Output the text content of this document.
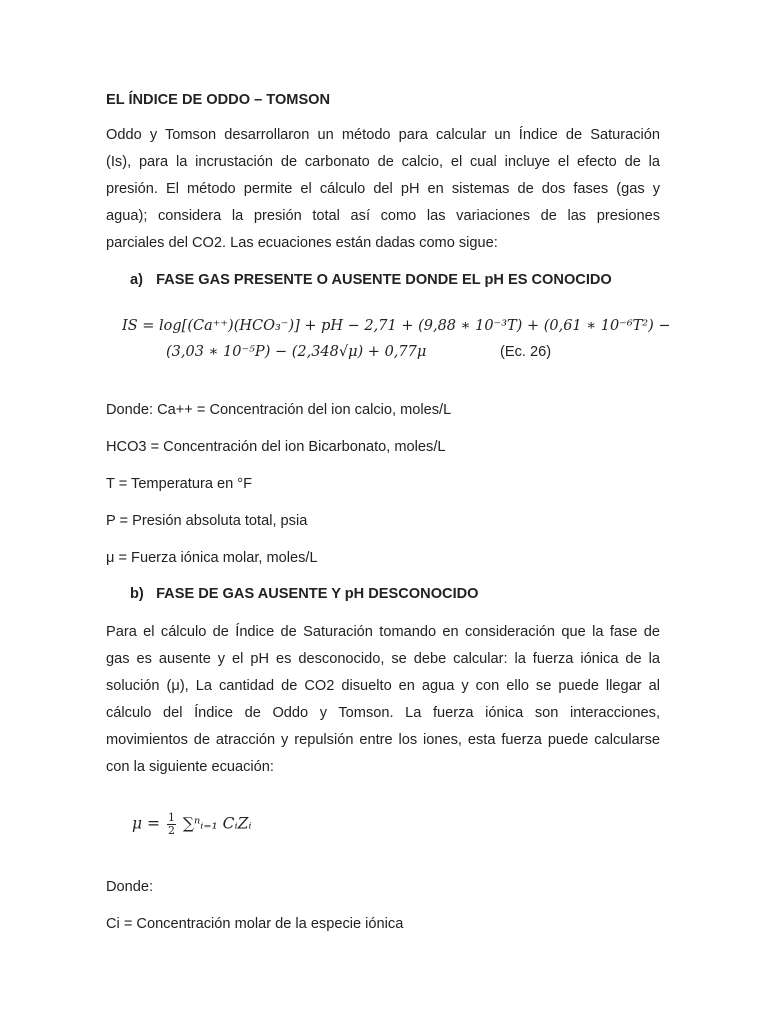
EL ÍNDICE DE ODDO – TOMSON

Oddo y Tomson desarrollaron un método para calcular un Índice de Saturación
(Is), para la incrustación de carbonato de calcio, el cual incluye el efecto de la
presión. El método permite el cálculo del pH en sistemas de dos fases (gas y
agua); considera la presión total así como las variaciones de las presiones
parciales del CO2. Las ecuaciones están dadas como sigue:

a) FASE GAS PRESENTE O AUSENTE DONDE EL pH ES CONOCIDO
IS = log[(Ca⁺⁺)(HCO₃⁻)] + pH − 2,71 + (9,88 ∗ 10⁻³T) + (0,61 ∗ 10⁻⁶T²) −
(3,03 ∗ 10⁻⁵P) − (2,348√μ) + 0,77μ	(Ec. 26)

Donde: Ca++ = Concentración del ion calcio, moles/L

HCO3 = Concentración del ion Bicarbonato, moles/L

T = Temperatura en °F

P = Presión absoluta total, psia

μ = Fuerza iónica molar, moles/L

b) FASE DE GAS AUSENTE Y pH DESCONOCIDO

Para el cálculo de Índice de Saturación tomando en consideración que la fase de
gas es ausente y el pH es desconocido, se debe calcular: la fuerza iónica de la
solución (μ), La cantidad de CO2 disuelto en agua y con ello se puede llegar al
cálculo del Índice de Oddo y Tomson. La fuerza iónica son interacciones,
movimientos de atracción y repulsión entre los iones, esta fuerza puede calcularse
con la siguiente ecuación:

$\mu = \frac{1}{2}$ ∑ⁿᵢ₌₁ CᵢZᵢ

Donde:

Ci = Concentración molar de la especie iónica
